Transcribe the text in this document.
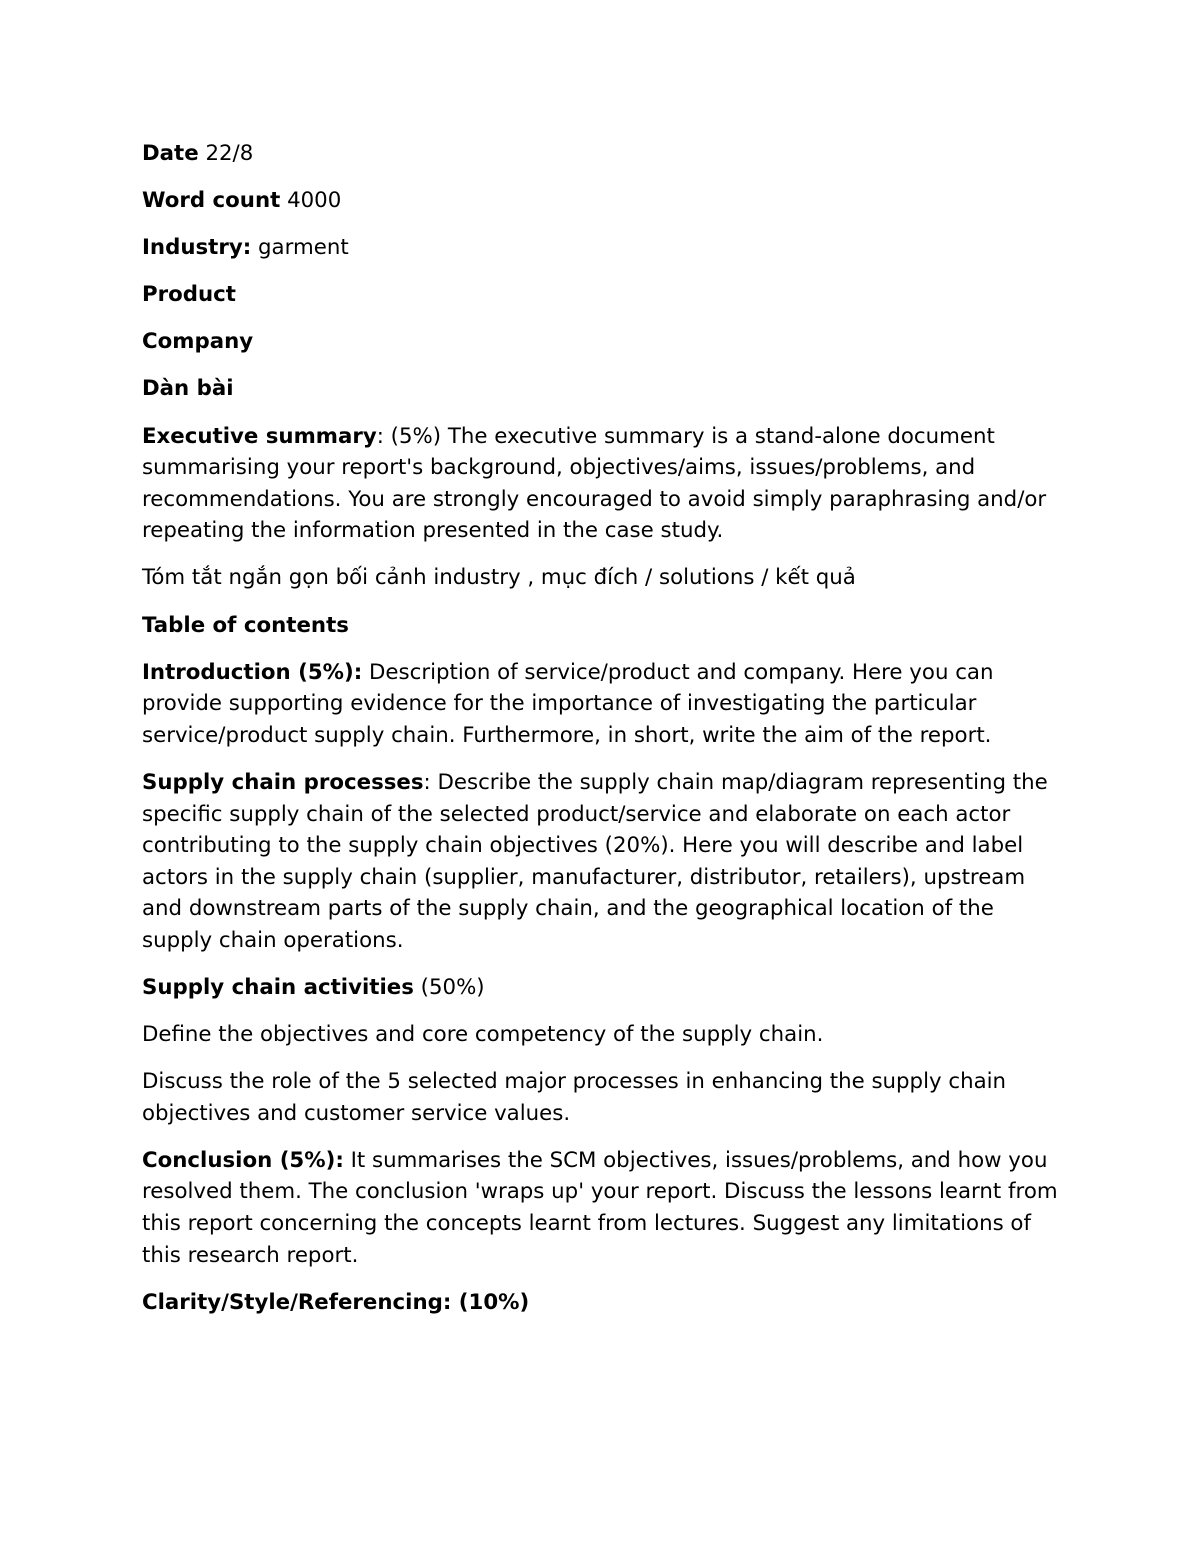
Date 22/8

Word count 4000

Industry: garment

Product

Company

Dàn bài

Executive summary: (5%) The executive summary is a stand-alone document summarising your report's background, objectives/aims, issues/problems, and recommendations. You are strongly encouraged to avoid simply paraphrasing and/or repeating the information presented in the case study.

Tóm tắt ngắn gọn bối cảnh industry , mục đích / solutions / kết quả

Table of contents

Introduction (5%): Description of service/product and company. Here you can provide supporting evidence for the importance of investigating the particular service/product supply chain. Furthermore, in short, write the aim of the report.

Supply chain processes: Describe the supply chain map/diagram representing the specific supply chain of the selected product/service and elaborate on each actor contributing to the supply chain objectives (20%). Here you will describe and label actors in the supply chain (supplier, manufacturer, distributor, retailers), upstream and downstream parts of the supply chain, and the geographical location of the supply chain operations.

Supply chain activities (50%)

Define the objectives and core competency of the supply chain.

Discuss the role of the 5 selected major processes in enhancing the supply chain objectives and customer service values.

Conclusion (5%): It summarises the SCM objectives, issues/problems, and how you resolved them. The conclusion 'wraps up' your report. Discuss the lessons learnt from this report concerning the concepts learnt from lectures. Suggest any limitations of this research report.

Clarity/Style/Referencing: (10%)
